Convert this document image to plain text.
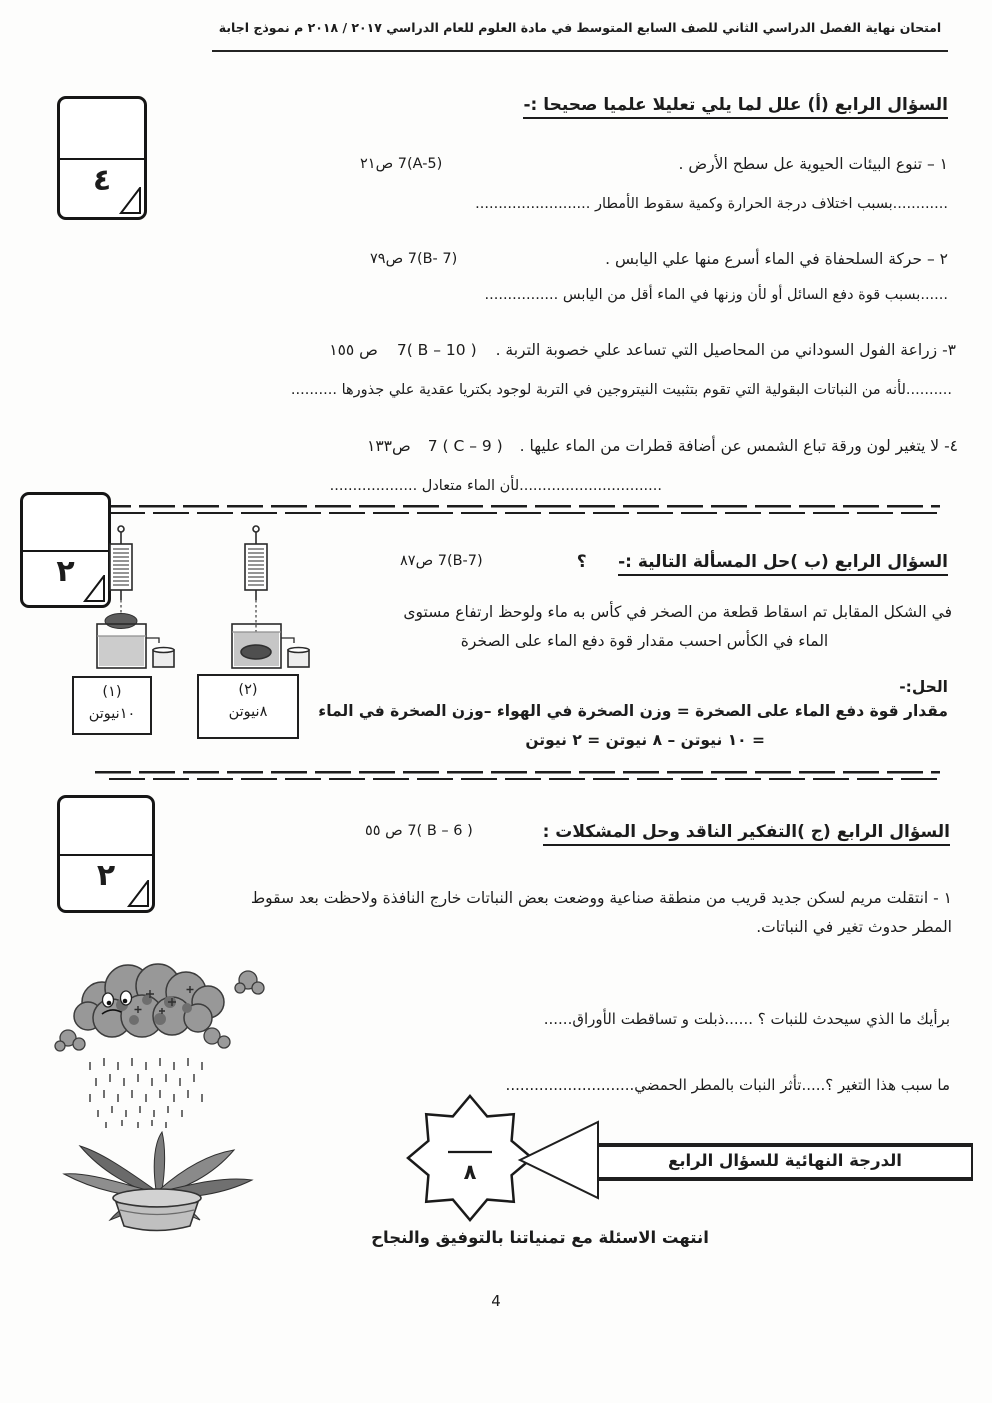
امتحان نهاية الفصل الدراسي الثاني للصف السابع المتوسط في مادة العلوم للعام الدراسي ٢٠١٧ / ٢٠١٨ م نموذج اجابة
٤
السؤال الرابع (أ) علل لما يلي تعليلا علميا صحيحا :-
١ – تنوع البيئات الحيوية عل سطح الأرض .
7(A-5) ص٢١
............بسبب اختلاف درجة الحرارة وكمية سقوط الأمطار .........................
٢ – حركة السلحفاة في الماء أسرع منها علي اليابس .
7(B- 7) ص٧٩
......بسبب قوة دفع السائل أو لأن وزنها في الماء أقل من اليابس ................
٣- زراعة الفول السوداني من المحاصيل التي تساعد علي خصوبة التربة . 7( B – 10 ) ص ١٥٥
..........لأنه من النباتات البقولية التي تقوم بتثبيت النيتروجين في التربة لوجود بكتريا عقدية علي جذورها ..........
٤- لا يتغير لون ورقة تباع الشمس عن أضافة قطرات من الماء عليها . 7 ( C – 9 ) ص١٣٣
...............................لأن الماء متعادل ...................
٢	السؤال الرابع (ب )حل المسألة التالية :- ؟
7(B-7) ص٨٧
(١)
١٠نيوتن
(٢)
٨نيوتن
في الشكل المقابل تم اسقاط قطعة من الصخر في كأس به ماء ولوحظ ارتفاع مستوى
الماء في الكأس احسب مقدار قوة دفع الماء على الصخرة
الحل:-
مقدار قوة دفع الماء على الصخرة = وزن الصخرة في الهواء –وزن الصخرة في الماء
= ١٠ نيوتن – ٨ نيوتن = ٢ نيوتن
٢
السؤال الرابع (ج )التفكير الناقد وحل المشكلات :
7( B – 6 ) ص ٥٥
١ - انتقلت مريم لسكن جديد قريب من منطقة صناعية ووضعت بعض النباتات خارج النافذة ولاحظت بعد سقوط
المطر حدوث تغير في النباتات.
برأيك ما الذي سيحدث للنبات ؟ ......ذبلت و تساقطت الأوراق......
ما سبب هذا التغير ؟.....تأثر النبات بالمطر الحمضي...........................
٨	الدرجة النهائية للسؤال الرابع
انتهت الاسئلة مع تمنياتنا بالتوفيق والنجاح
4
